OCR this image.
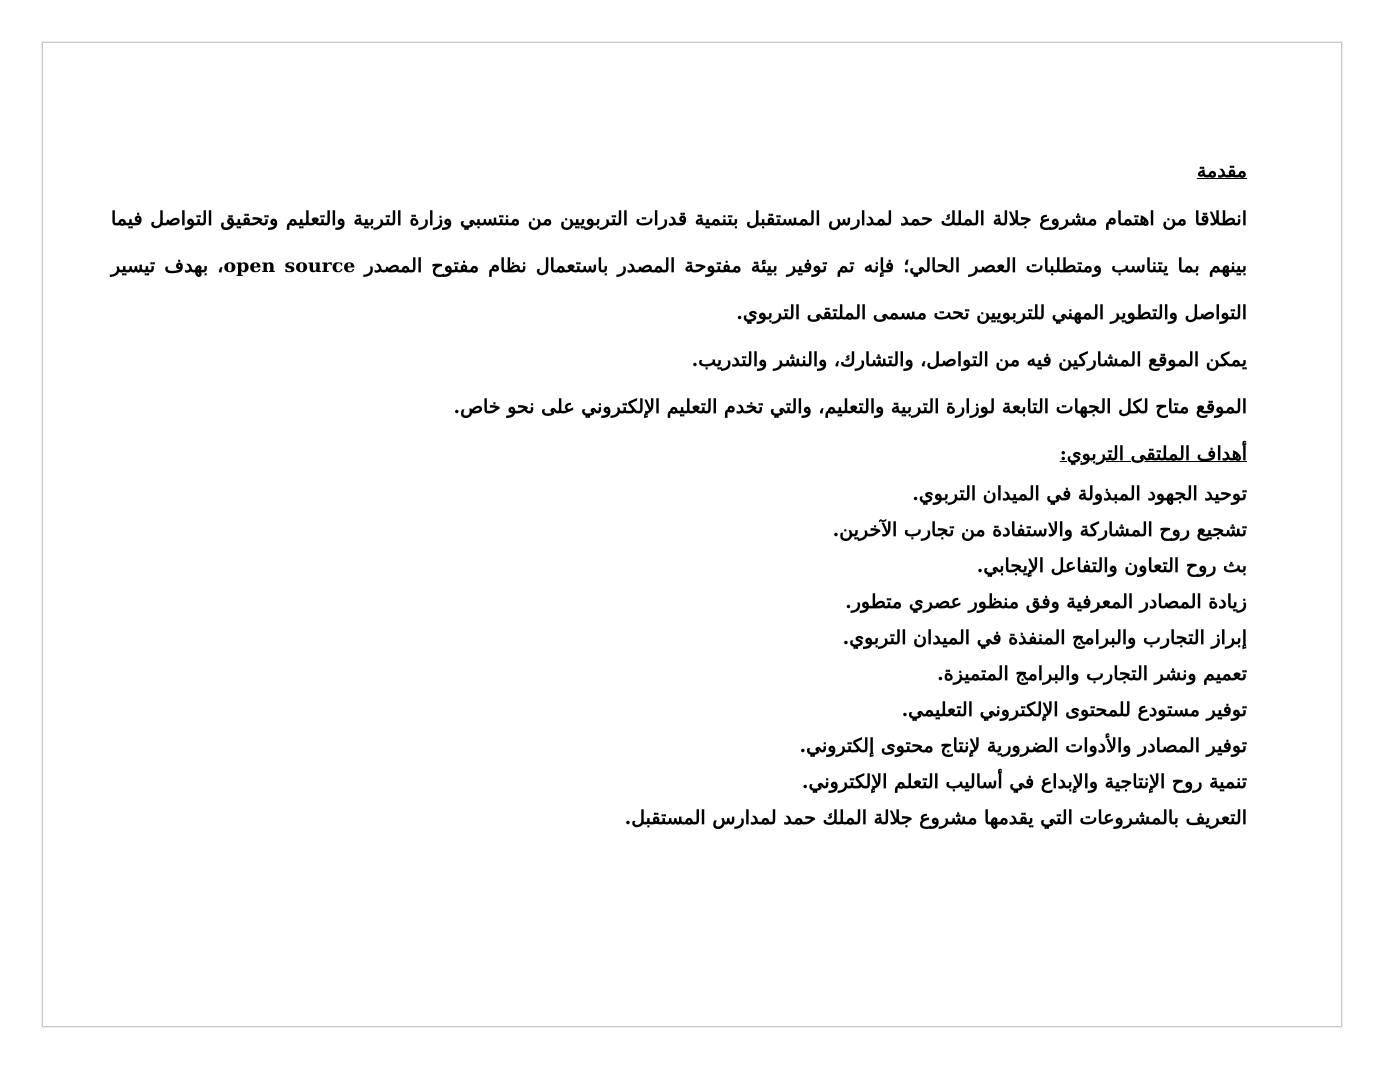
مقدمة
انطلاقا من اهتمام مشروع جلالة الملك حمد لمدارس المستقبل بتنمية قدرات التربويين من منتسبي وزارة التربية والتعليم وتحقيق التواصل فيما بينهم بما يتناسب ومتطلبات العصر الحالي؛ فإنه تم توفير بيئة مفتوحة المصدر باستعمال نظام مفتوح المصدر open source، بهدف تيسير التواصل والتطوير المهني للتربويين تحت مسمى الملتقى التربوي.
يمكن الموقع المشاركين فيه من التواصل، والتشارك، والنشر والتدريب.
الموقع متاح لكل الجهات التابعة لوزارة التربية والتعليم، والتي تخدم التعليم الإلكتروني على نحو خاص.
أهداف الملتقى التربوي:
توحيد الجهود المبذولة في الميدان التربوي.
تشجيع روح المشاركة والاستفادة من تجارب الآخرين.
بث روح التعاون والتفاعل الإيجابي.
زيادة المصادر المعرفية وفق منظور عصري متطور.
إبراز التجارب والبرامج المنفذة في الميدان التربوي.
تعميم ونشر التجارب والبرامج المتميزة.
توفير مستودع للمحتوى الإلكتروني التعليمي.
توفير المصادر والأدوات الضرورية لإنتاج محتوى إلكتروني.
تنمية روح الإنتاجية والإبداع في أساليب التعلم الإلكتروني.
التعريف بالمشروعات التي يقدمها مشروع جلالة الملك حمد لمدارس المستقبل.
